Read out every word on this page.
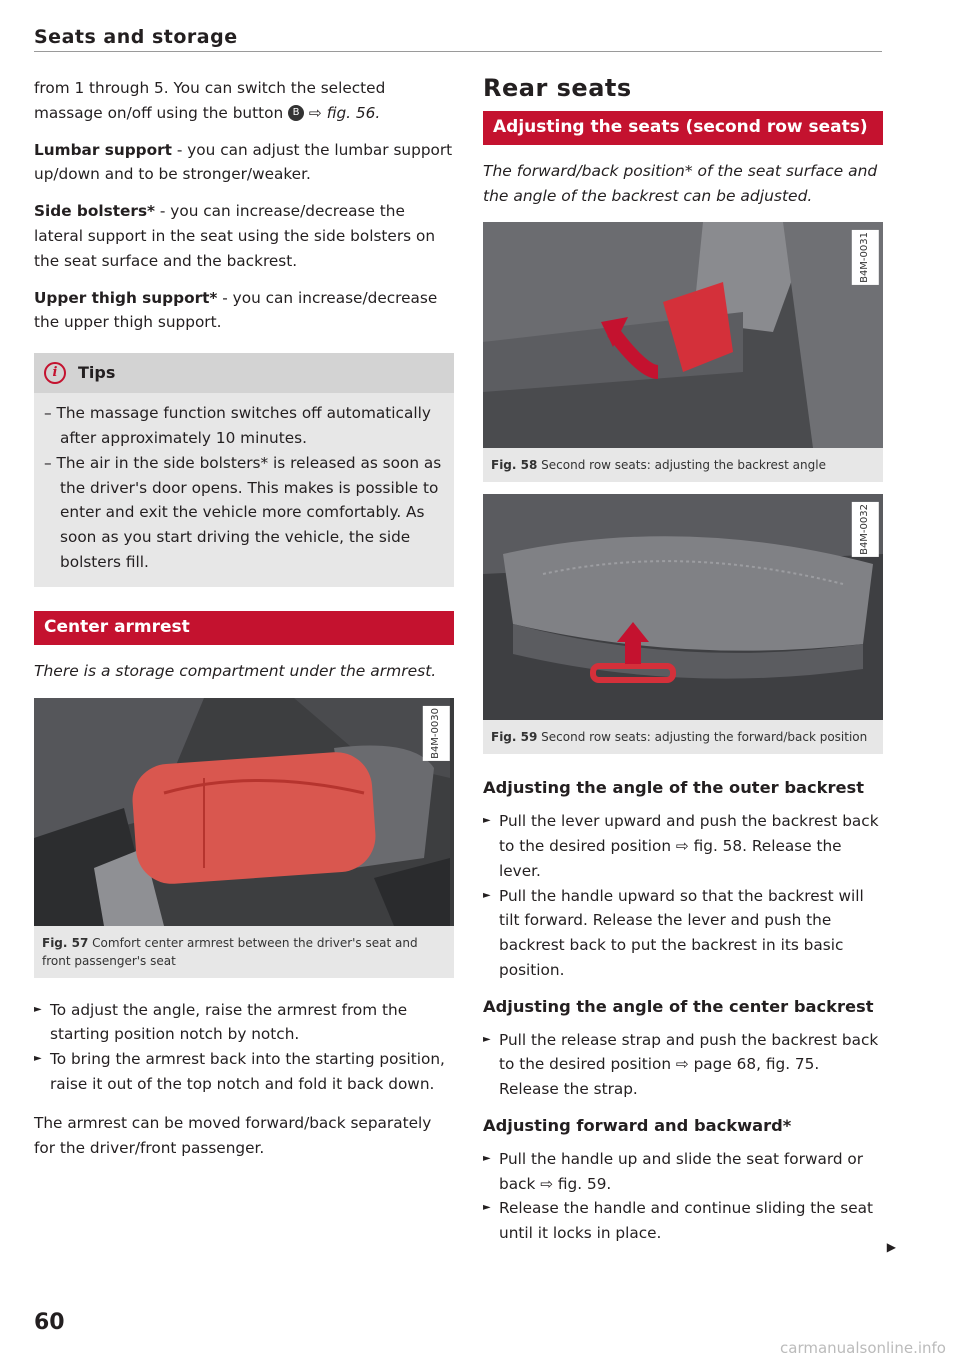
Seats and storage

from 1 through 5. You can switch the selected massage on/off using the button B ⇨ fig. 56.

Lumbar support - you can adjust the lumbar support up/down and to be stronger/weaker.

Side bolsters* - you can increase/decrease the lateral support in the seat using the side bolsters on the seat surface and the backrest.

Upper thigh support* - you can increase/decrease the upper thigh support.

i	Tips
– The massage function switches off automatically after approximately 10 minutes.
– The air in the side bolsters* is released as soon as the driver's door opens. This makes is possible to enter and exit the vehicle more comfortably. As soon as you start driving the vehicle, the side bolsters fill.
Center armrest
There is a storage compartment under the armrest.
B4M-0030
Fig. 57 Comfort center armrest between the driver's seat and front passenger's seat
► To adjust the angle, raise the armrest from the starting position notch by notch.
► To bring the armrest back into the starting position, raise it out of the top notch and fold it back down.

The armrest can be moved forward/back separately for the driver/front passenger.

Rear seats
Adjusting the seats (second row seats)
The forward/back position* of the seat surface and the angle of the backrest can be adjusted.
B4M-0031
Fig. 58 Second row seats: adjusting the backrest angle
B4M-0032
Fig. 59 Second row seats: adjusting the forward/back position
Adjusting the angle of the outer backrest
► Pull the lever upward and push the backrest back to the desired position ⇨ fig. 58. Release the lever.
► Pull the handle upward so that the backrest will tilt forward. Release the lever and push the backrest back to put the backrest in its basic position.
Adjusting the angle of the center backrest
► Pull the release strap and push the backrest back to the desired position ⇨ page 68, fig. 75. Release the strap.
Adjusting forward and backward*
► Pull the handle up and slide the seat forward or back ⇨ fig. 59.
► Release the handle and continue sliding the seat until it locks in place.
▶
60
carmanualsonline.info
